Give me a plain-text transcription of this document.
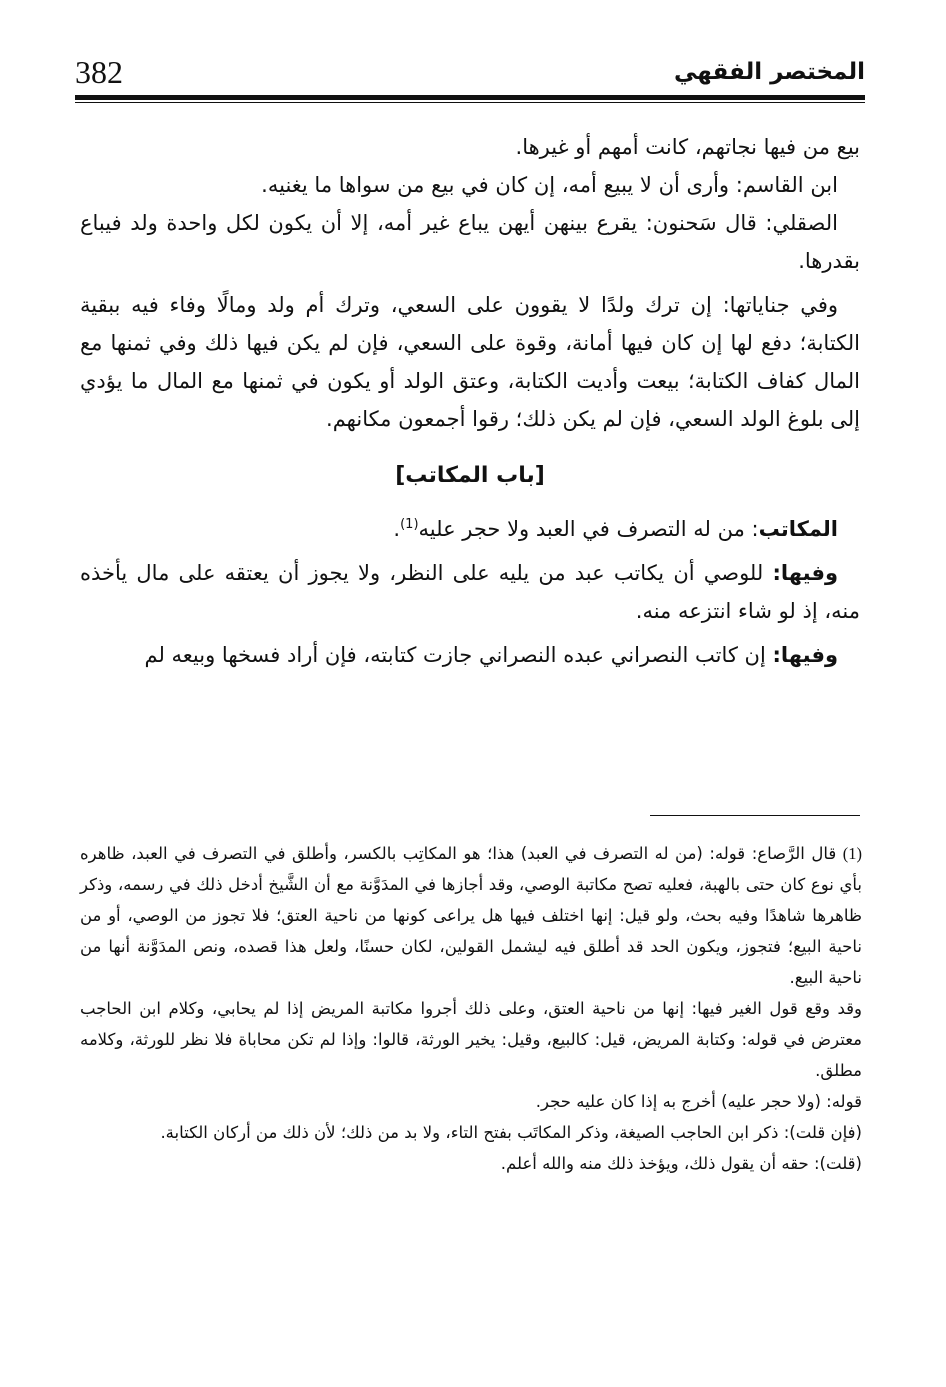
382	المختصر الفقهي

بيع من فيها نجاتهم، كانت أمهم أو غيرها.

ابن القاسم: وأرى أن لا يبيع أمه، إن كان في بيع من سواها ما يغنيه.

الصقلي: قال سَحنون: يقرع بينهن أيهن يباع غير أمه، إلا أن يكون لكل واحدة ولد فيباع بقدرها.

وفي جناياتها: إن ترك ولدًا لا يقوون على السعي، وترك أم ولد ومالًا وفاء فيه ببقية الكتابة؛ دفع لها إن كان فيها أمانة، وقوة على السعي، فإن لم يكن فيها ذلك وفي ثمنها مع المال كفاف الكتابة؛ بيعت وأديت الكتابة، وعتق الولد أو يكون في ثمنها مع المال ما يؤدي إلى بلوغ الولد السعي، فإن لم يكن ذلك؛ رقوا أجمعون مكانهم.

[باب المكاتب]

المكاتب: من له التصرف في العبد ولا حجر عليه$^{(1)}$.

وفيها: للوصي أن يكاتب عبد من يليه على النظر، ولا يجوز أن يعتقه على مال يأخذه منه، إذ لو شاء انتزعه منه.

وفيها: إن كاتب النصراني عبده النصراني جازت كتابته، فإن أراد فسخها وبيعه لم

(1) قال الرَّصاع: قوله: (من له التصرف في العبد) هذا؛ هو المكاتِب بالكسر، وأطلق في التصرف في العبد، ظاهره بأي نوع كان حتى بالهبة، فعليه تصح مكاتبة الوصي، وقد أجازها في المدَوَّنة مع أن الشَّيخ أدخل ذلك في رسمه، وذكر ظاهرها شاهدًا وفيه بحث، ولو قيل: إنها اختلف فيها هل يراعى كونها من ناحية العتق؛ فلا تجوز من الوصي، أو من ناحية البيع؛ فتجوز، ويكون الحد قد أطلق فيه ليشمل القولين، لكان حسنًا، ولعل هذا قصده، ونص المدَوَّنة أنها من ناحية البيع.

وقد وقع قول الغير فيها: إنها من ناحية العتق، وعلى ذلك أجروا مكاتبة المريض إذا لم يحابي، وكلام ابن الحاجب معترض في قوله: وكتابة المريض، قيل: كالبيع، وقيل: يخير الورثة، قالوا: وإذا لم تكن محاباة فلا نظر للورثة، وكلامه مطلق.

قوله: (ولا حجر عليه) أخرج به إذا كان عليه حجر.

(فإن قلت): ذكر ابن الحاجب الصيغة، وذكر المكاتَب بفتح التاء، ولا بد من ذلك؛ لأن ذلك من أركان الكتابة.

(قلت): حقه أن يقول ذلك، ويؤخذ ذلك منه والله أعلم.
